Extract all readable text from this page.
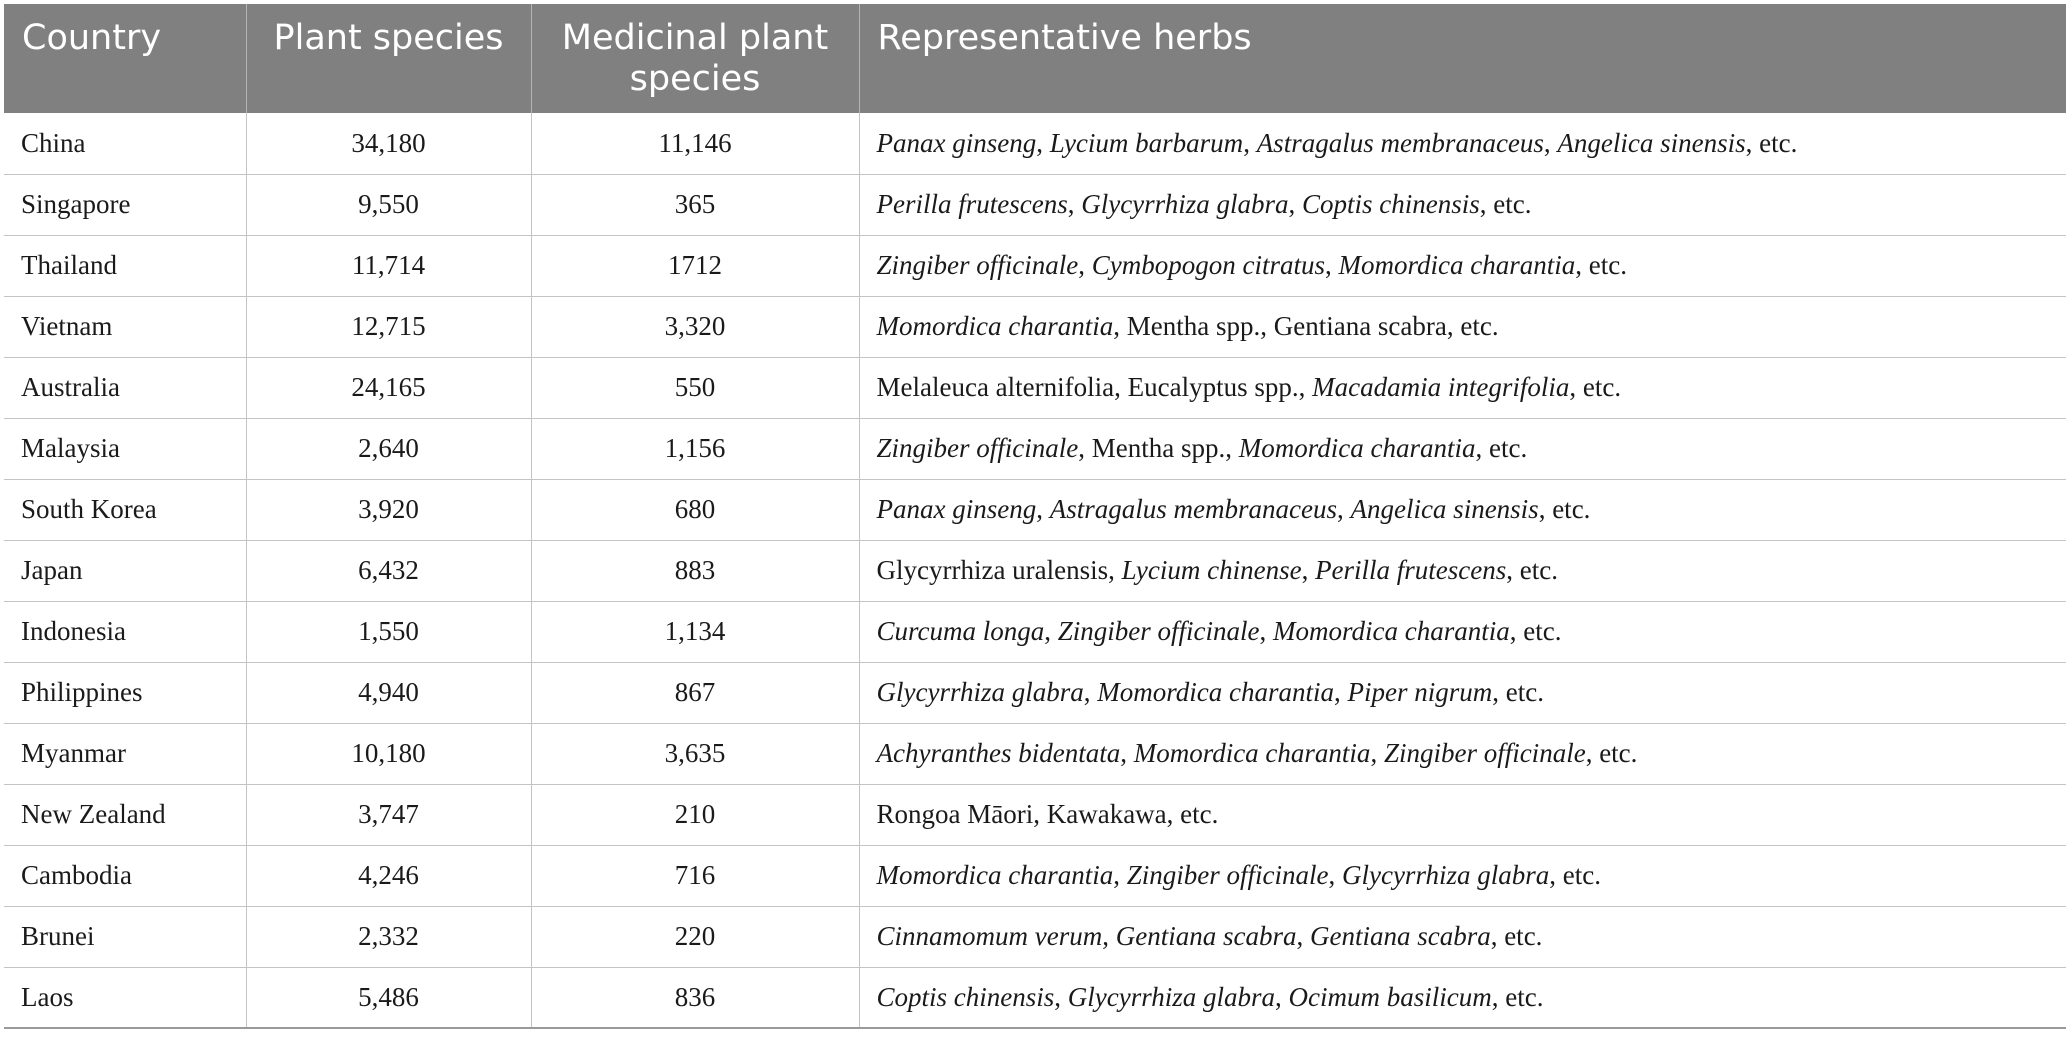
Country	Plant species	Medicinal plant species	Representative herbs
China	34,180	11,146	Panax ginseng, Lycium barbarum, Astragalus membranaceus, Angelica sinensis, etc.
Singapore	9,550	365	Perilla frutescens, Glycyrrhiza glabra, Coptis chinensis, etc.
Thailand	11,714	1712	Zingiber officinale, Cymbopogon citratus, Momordica charantia, etc.
Vietnam	12,715	3,320	Momordica charantia, Mentha spp., Gentiana scabra, etc.
Australia	24,165	550	Melaleuca alternifolia, Eucalyptus spp., Macadamia integrifolia, etc.
Malaysia	2,640	1,156	Zingiber officinale, Mentha spp., Momordica charantia, etc.
South Korea	3,920	680	Panax ginseng, Astragalus membranaceus, Angelica sinensis, etc.
Japan	6,432	883	Glycyrrhiza uralensis, Lycium chinense, Perilla frutescens, etc.
Indonesia	1,550	1,134	Curcuma longa, Zingiber officinale, Momordica charantia, etc.
Philippines	4,940	867	Glycyrrhiza glabra, Momordica charantia, Piper nigrum, etc.
Myanmar	10,180	3,635	Achyranthes bidentata, Momordica charantia, Zingiber officinale, etc.
New Zealand	3,747	210	Rongoa Māori, Kawakawa, etc.
Cambodia	4,246	716	Momordica charantia, Zingiber officinale, Glycyrrhiza glabra, etc.
Brunei	2,332	220	Cinnamomum verum, Gentiana scabra, Gentiana scabra, etc.
Laos	5,486	836	Coptis chinensis, Glycyrrhiza glabra, Ocimum basilicum, etc.
